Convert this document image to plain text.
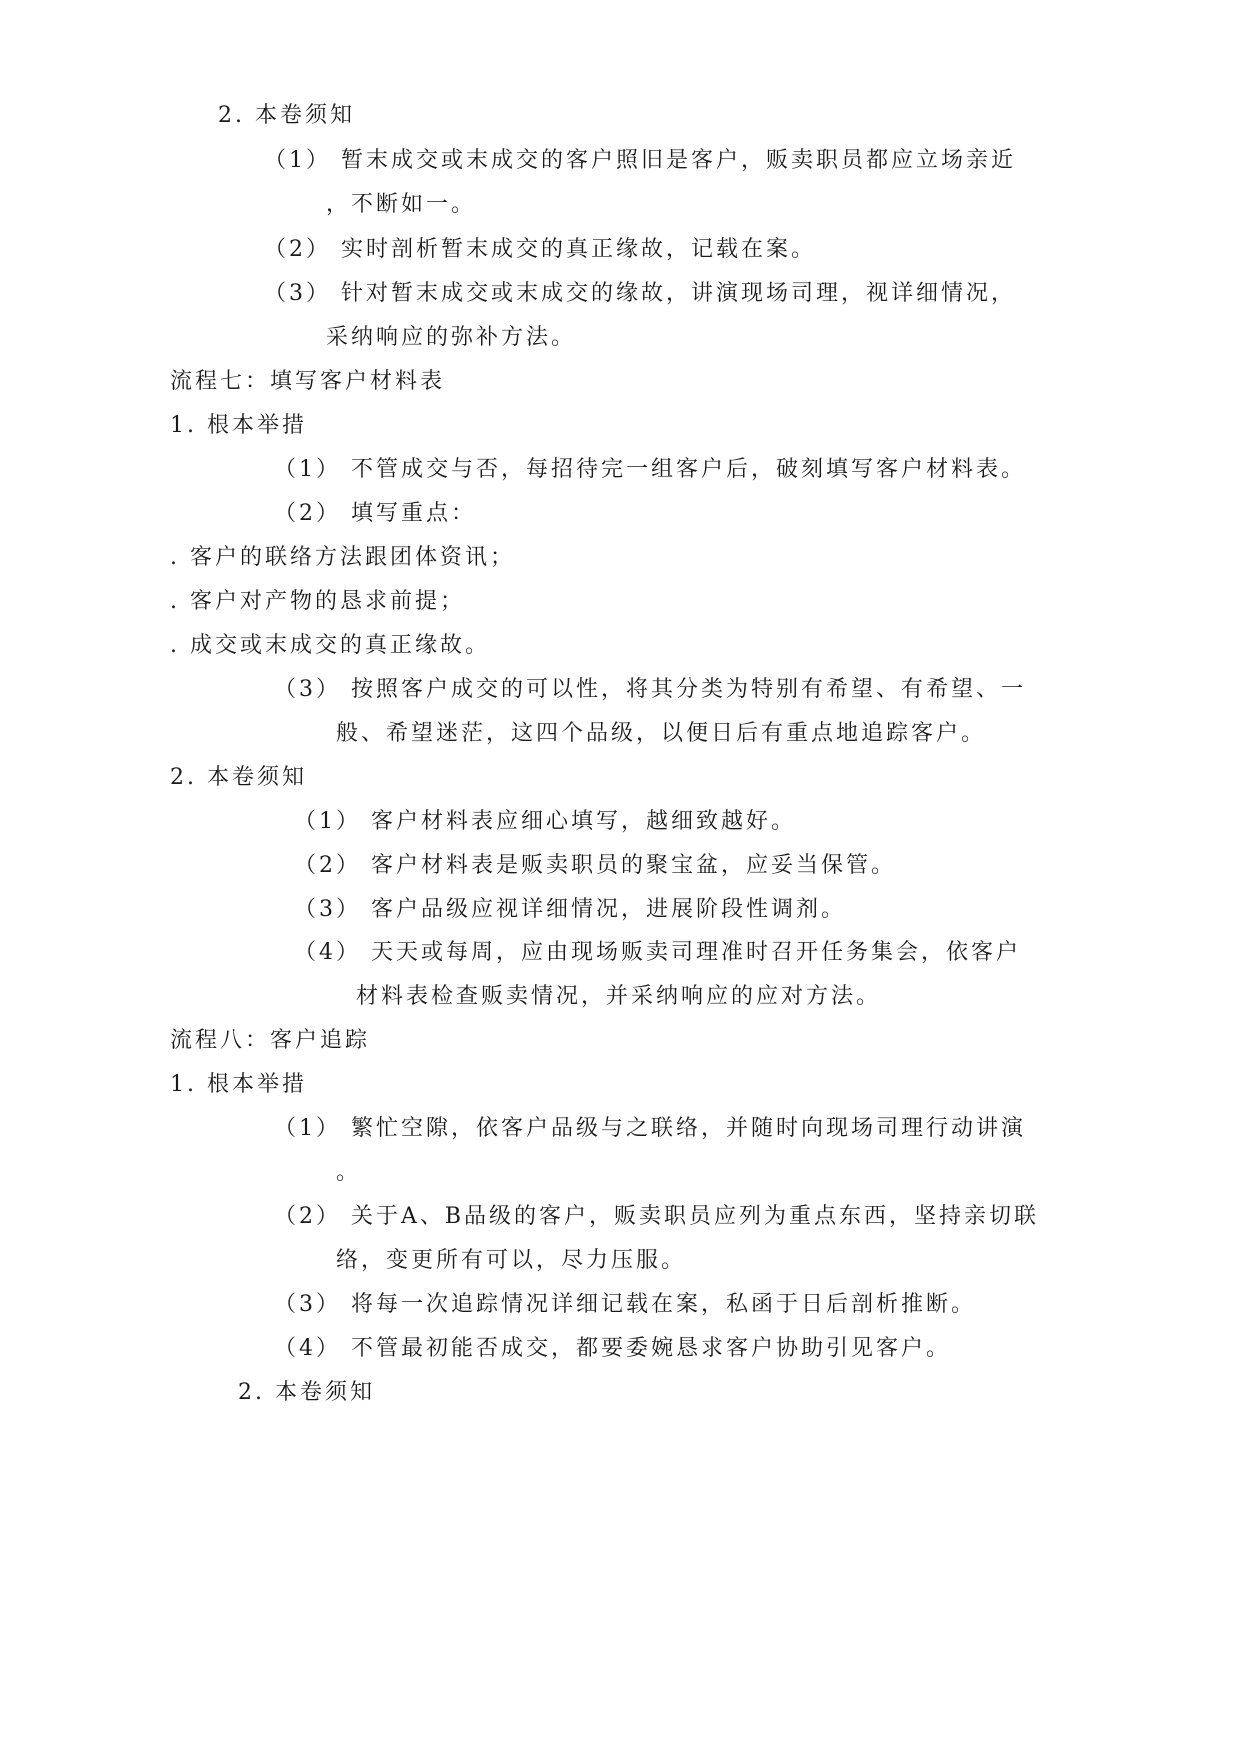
2. 本卷须知
（1） 暂末成交或末成交的客户照旧是客户，贩卖职员都应立场亲近
，不断如一。
（2） 实时剖析暂末成交的真正缘故，记载在案。
（3） 针对暂末成交或末成交的缘故，讲演现场司理，视详细情况，
采纳响应的弥补方法。
流程七：填写客户材料表
1. 根本举措
（1） 不管成交与否，每招待完一组客户后，破刻填写客户材料表。
（2） 填写重点：
. 客户的联络方法跟团体资讯；
. 客户对产物的恳求前提；
. 成交或末成交的真正缘故。
（3） 按照客户成交的可以性，将其分类为特别有希望、有希望、一
般、希望迷茫，这四个品级，以便日后有重点地追踪客户。
2. 本卷须知
（1） 客户材料表应细心填写，越细致越好。
（2） 客户材料表是贩卖职员的聚宝盆，应妥当保管。
（3） 客户品级应视详细情况，进展阶段性调剂。
（4） 天天或每周，应由现场贩卖司理准时召开任务集会，依客户
材料表检查贩卖情况，并采纳响应的应对方法。
流程八：客户追踪
1. 根本举措
（1） 繁忙空隙，依客户品级与之联络，并随时向现场司理行动讲演
。
（2） 关于A、B品级的客户，贩卖职员应列为重点东西，坚持亲切联
络，变更所有可以，尽力压服。
（3） 将每一次追踪情况详细记载在案，私函于日后剖析推断。
（4） 不管最初能否成交，都要委婉恳求客户协助引见客户。
2. 本卷须知
